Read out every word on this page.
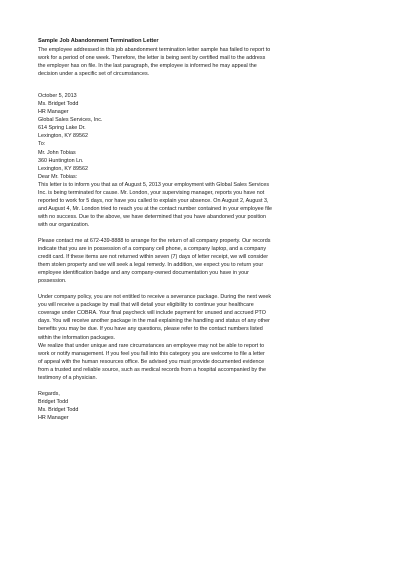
Sample Job Abandonment Termination Letter
The employee addressed in this job abandonment termination letter sample has failed to report to
work for a period of one week. Therefore, the letter is being sent by certified mail to the address
the employer has on file. In the last paragraph, the employee is informed he may appeal the
decision under a specific set of circumstances.
October 5, 2013
Ms. Bridget Todd
HR Manager
Global Sales Services, Inc.
614 Spring Lake Dr.
Lexington, KY 89562
To:
Mr. John Tobias
360 Huntington Ln.
Lexington, KY 89562
Dear Mr. Tobias:
This letter is to inform you that as of August 5, 2013 your employment with Global Sales Services
Inc. is being terminated for cause. Mr. London, your supervising manager, reports you have not
reported to work for 5 days, nor have you called to explain your absence. On August 2, August 3,
and August 4, Mr. London tried to reach you at the contact number contained in your employee file
with no success. Due to the above, we have determined that you have abandoned your position
with our organization.
Please contact me at 672-439-8888 to arrange for the return of all company property. Our records
indicate that you are in possession of a company cell phone, a company laptop, and a company
credit card. If these items are not returned within seven (7) days of letter receipt, we will consider
them stolen property and we will seek a legal remedy. In addition, we expect you to return your
employee identification badge and any company-owned documentation you have in your
possession.
Under company policy, you are not entitled to receive a severance package. During the next week
you will receive a package by mail that will detail your eligibility to continue your healthcare
coverage under COBRA. Your final paycheck will include payment for unused and accrued PTO
days. You will receive another package in the mail explaining the handling and status of any other
benefits you may be due. If you have any questions, please refer to the contact numbers listed
within the information packages.
We realize that under unique and rare circumstances an employee may not be able to report to
work or notify management. If you feel you fall into this category you are welcome to file a letter
of appeal with the human resources office. Be advised you must provide documented evidence
from a trusted and reliable source, such as medical records from a hospital accompanied by the
testimony of a physician.
Regards,
Bridget Todd
Ms. Bridget Todd
HR Manager
